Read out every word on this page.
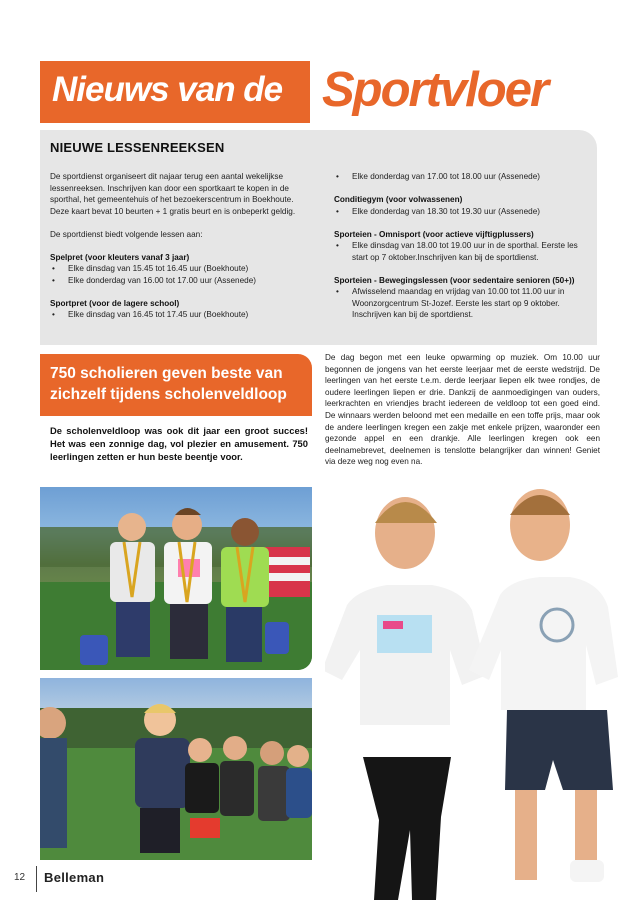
Nieuws van de Sportvloer
NIEUWE LESSENREEKSEN

De sportdienst organiseert dit najaar terug een aantal wekelijkse lessenreeksen. Inschrijven kan door een sportkaart te kopen in de sporthal, het gemeentehuis of het bezoekerscentrum in Boekhoute. Deze kaart bevat 10 beurten + 1 gratis beurt en is onbeperkt geldig.

De sportdienst biedt volgende lessen aan:

Spelpret (voor kleuters vanaf 3 jaar)
• Elke dinsdag van 15.45 tot 16.45 uur (Boekhoute)
• Elke donderdag van 16.00 tot 17.00 uur (Assenede)
Sportpret (voor de lagere school)
• Elke dinsdag van 16.45 tot 17.45 uur (Boekhoute)
• Elke donderdag van 17.00 tot 18.00 uur (Assenede)
Conditiegym (voor volwassenen)
• Elke donderdag van 18.30 tot 19.30 uur (Assenede)
Sporteien - Omnisport (voor actieve vijftigplussers)
• Elke dinsdag van 18.00 tot 19.00 uur in de sporthal. Eerste les start op 7 oktober.Inschrijven kan bij de sportdienst.
Sporteien - Bewegingslessen (voor sedentaire senioren (50+))
• Afwisselend maandag en vrijdag van 10.00 tot 11.00 uur in Woonzorgcentrum St-Jozef. Eerste les start op 9 oktober. Inschrijven kan bij de sportdienst.
750 scholieren geven beste van zichzelf tijdens scholenveldloop
De scholenveldloop was ook dit jaar een groot succes! Het was een zonnige dag, vol plezier en amusement. 750 leerlingen zetten er hun beste beentje voor.
De dag begon met een leuke opwarming op muziek. Om 10.00 uur begonnen de jongens van het eerste leerjaar met de eerste wedstrijd. De leerlingen van het eerste t.e.m. derde leerjaar liepen elk twee rondjes, de oudere leerlingen liepen er drie. Dankzij de aanmoedigingen van ouders, leerkrachten en vriendjes bracht iedereen de veldloop tot een goed eind. De winnaars werden beloond met een medaille en een toffe prijs, maar ook de andere leerlingen kregen een zakje met enkele prijzen, waaronder een gezonde appel en een drankje. Alle leerlingen kregen ook een deelnamebrevet, deelnemen is tenslotte belangrijker dan winnen! Geniet via deze weg nog even na.
12 Belleman
